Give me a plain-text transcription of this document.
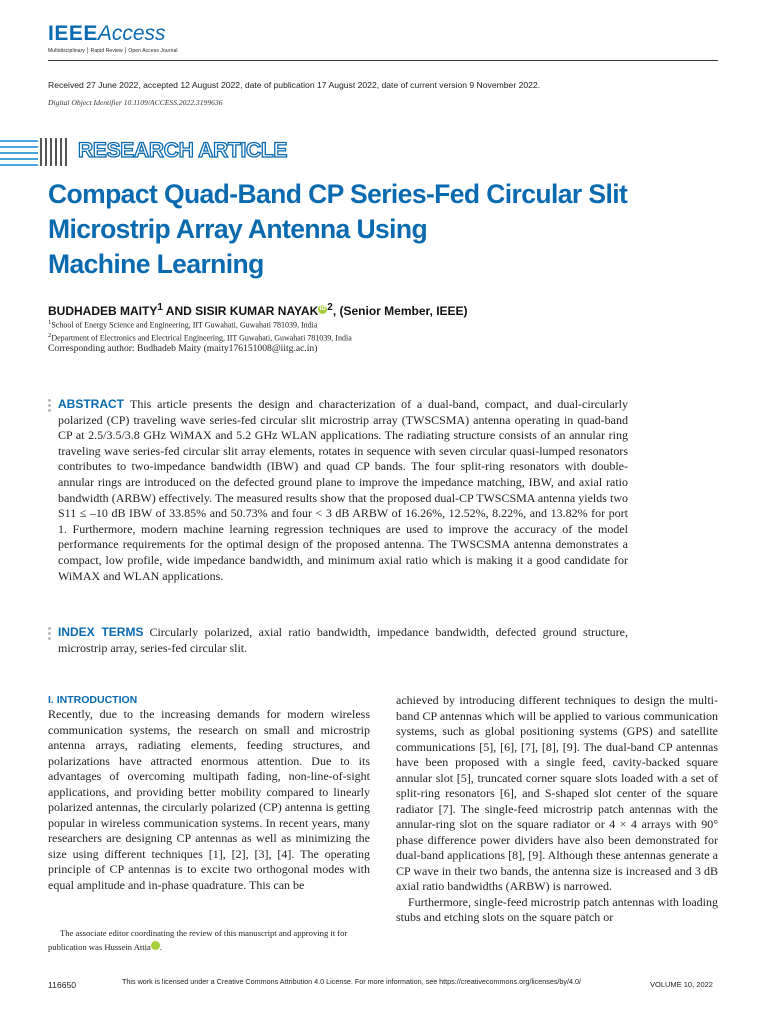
IEEEAccess
Multidisciplinary ⎮ Rapid Review ⎮ Open Access Journal
Received 27 June 2022, accepted 12 August 2022, date of publication 17 August 2022, date of current version 9 November 2022.
Digital Object Identifier 10.1109/ACCESS.2022.3199636
RESEARCH ARTICLE
Compact Quad-Band CP Series-Fed Circular Slit
Microstrip Array Antenna Using
Machine Learning
BUDHADEB MAITY$^1$ AND SISIR KUMAR NAYAK iD $^2$, (Senior Member, IEEE)
$^1$School of Energy Science and Engineering, IIT Guwahati, Guwahati 781039, India
$^2$Department of Electronics and Electrical Engineering, IIT Guwahati, Guwahati 781039, India
Corresponding author: Budhadeb Maity (maity176151008@iitg.ac.in)
ABSTRACT This article presents the design and characterization of a dual-band, compact, and dual-circularly polarized (CP) traveling wave series-fed circular slit microstrip array (TWSCSMA) antenna operating in quad-band CP at 2.5/3.5/3.8 GHz WiMAX and 5.2 GHz WLAN applications. The radiating structure consists of an annular ring traveling wave series-fed circular slit array elements, rotates in sequence with seven circular quasi-lumped resonators contributes to two-impedance bandwidth (IBW) and quad CP bands. The four split-ring resonators with double-annular rings are introduced on the defected ground plane to improve the impedance matching, IBW, and axial ratio bandwidth (ARBW) effectively. The measured results show that the proposed dual-CP TWSCSMA antenna yields two S11 ≤ –10 dB IBW of 33.85% and 50.73% and four < 3 dB ARBW of 16.26%, 12.52%, 8.22%, and 13.82% for port 1. Furthermore, modern machine learning regression techniques are used to improve the accuracy of the model performance requirements for the optimal design of the proposed antenna. The TWSCSMA antenna demonstrates a compact, low profile, wide impedance bandwidth, and minimum axial ratio which is making it a good candidate for WiMAX and WLAN applications.
INDEX TERMS Circularly polarized, axial ratio bandwidth, impedance bandwidth, defected ground structure, microstrip array, series-fed circular slit.
I. INTRODUCTION
Recently, due to the increasing demands for modern wireless communication systems, the research on small and microstrip antenna arrays, radiating elements, feeding structures, and polarizations have attracted enormous attention. Due to its advantages of overcoming multipath fading, non-line-of-sight applications, and providing better mobility compared to linearly polarized antennas, the circularly polarized (CP) antenna is getting popular in wireless communication systems. In recent years, many researchers are designing CP antennas as well as minimizing the size using different techniques [1], [2], [3], [4]. The operating principle of CP antennas is to excite two orthogonal modes with equal amplitude and in-phase quadrature. This can be
achieved by introducing different techniques to design the multi-band CP antennas which will be applied to various communication systems, such as global positioning systems (GPS) and satellite communications [5], [6], [7], [8], [9]. The dual-band CP antennas have been proposed with a single feed, cavity-backed square annular slot [5], truncated corner square slots loaded with a set of split-ring resonators [6], and S-shaped slot center of the square radiator [7]. The single-feed microstrip patch antennas with the annular-ring slot on the square radiator or 4 × 4 arrays with 90° phase difference power dividers have also been demonstrated for dual-band applications [8], [9]. Although these antennas generate a CP wave in their two bands, the antenna size is increased and 3 dB axial ratio bandwidths (ARBW) is narrowed.
Furthermore, single-feed microstrip patch antennas with loading stubs and etching slots on the square patch or
The associate editor coordinating the review of this manuscript and approving it for publication was Hussein Attia iD.
116650	This work is licensed under a Creative Commons Attribution 4.0 License. For more information, see https://creativecommons.org/licenses/by/4.0/	VOLUME 10, 2022
